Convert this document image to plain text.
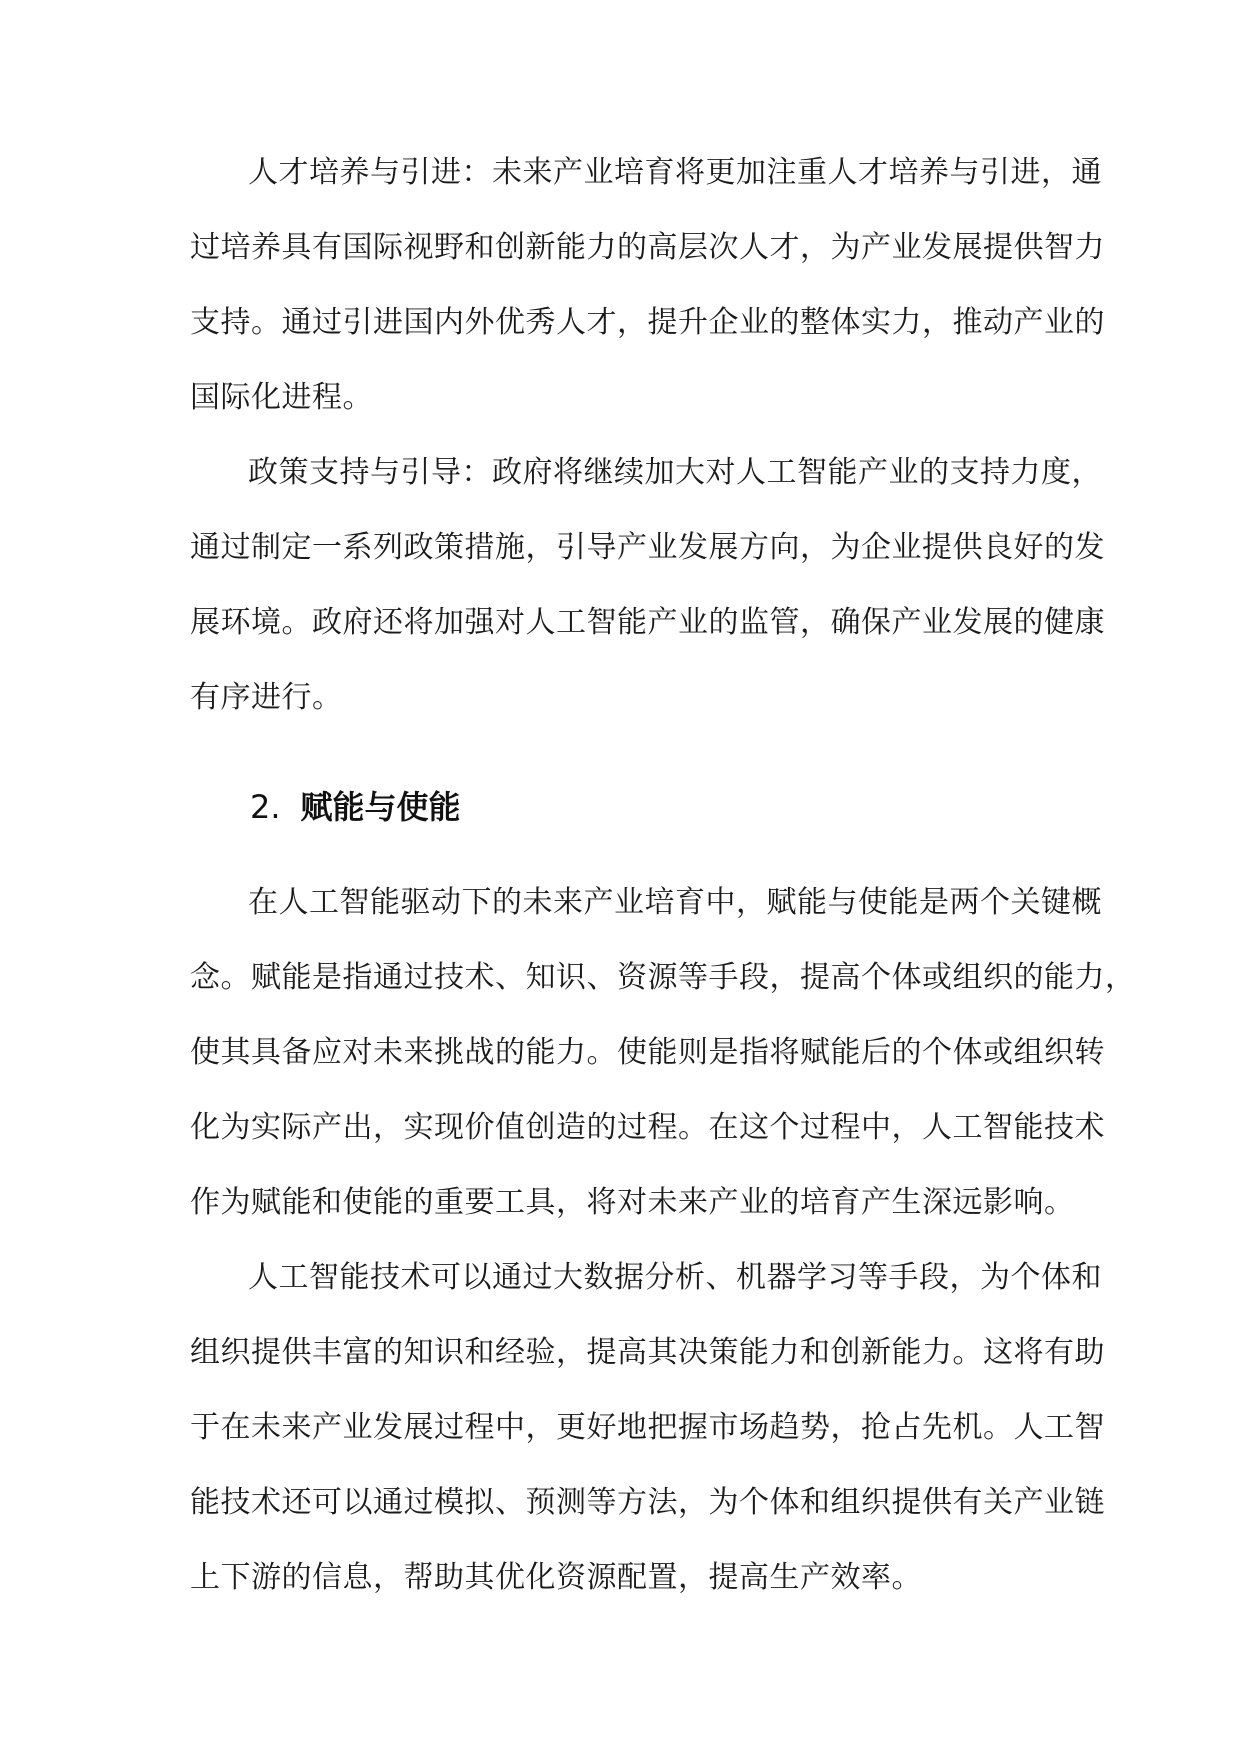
人才培养与引进：未来产业培育将更加注重人才培养与引进，通
过培养具有国际视野和创新能力的高层次人才，为产业发展提供智力
支持。通过引进国内外优秀人才，提升企业的整体实力，推动产业的
国际化进程。

政策支持与引导：政府将继续加大对人工智能产业的支持力度，
通过制定一系列政策措施，引导产业发展方向，为企业提供良好的发
展环境。政府还将加强对人工智能产业的监管，确保产业发展的健康
有序进行。

2. 赋能与使能

在人工智能驱动下的未来产业培育中，赋能与使能是两个关键概
念。赋能是指通过技术、知识、资源等手段，提高个体或组织的能力，
使其具备应对未来挑战的能力。使能则是指将赋能后的个体或组织转
化为实际产出，实现价值创造的过程。在这个过程中，人工智能技术
作为赋能和使能的重要工具，将对未来产业的培育产生深远影响。

人工智能技术可以通过大数据分析、机器学习等手段，为个体和
组织提供丰富的知识和经验，提高其决策能力和创新能力。这将有助
于在未来产业发展过程中，更好地把握市场趋势，抢占先机。人工智
能技术还可以通过模拟、预测等方法，为个体和组织提供有关产业链
上下游的信息，帮助其优化资源配置，提高生产效率。
